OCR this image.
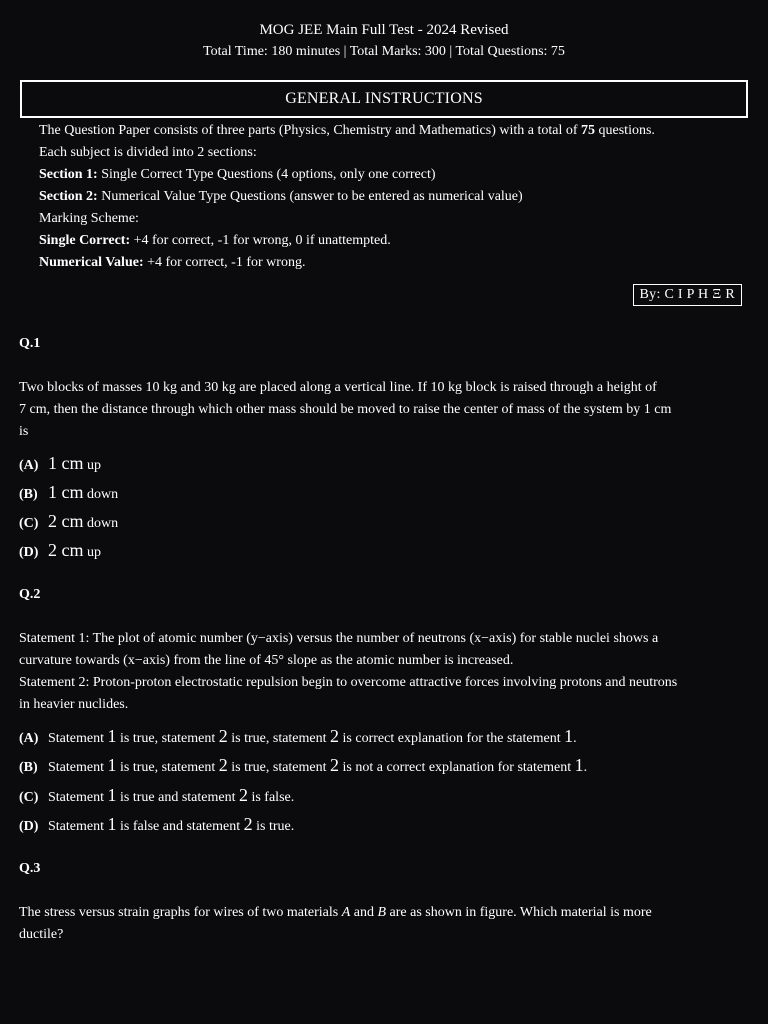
MOG JEE Main Full Test - 2024 Revised
Total Time: 180 minutes | Total Marks: 300 | Total Questions: 75
GENERAL INSTRUCTIONS
The Question Paper consists of three parts (Physics, Chemistry and Mathematics) with a total of 75 questions.
Each subject is divided into 2 sections:
Section 1: Single Correct Type Questions (4 options, only one correct)
Section 2: Numerical Value Type Questions (answer to be entered as numerical value)
Marking Scheme:
Single Correct: +4 for correct, -1 for wrong, 0 if unattempted.
Numerical Value: +4 for correct, -1 for wrong.
By: C I P H Ξ R
Q.1
Two blocks of masses 10 kg and 30 kg are placed along a vertical line. If 10 kg block is raised through a height of
7 cm, then the distance through which other mass should be moved to raise the center of mass of the system by 1 cm
is
(A) 1 cm up
(B) 1 cm down
(C) 2 cm down
(D) 2 cm up
Q.2
Statement 1: The plot of atomic number (y−axis) versus the number of neutrons (x−axis) for stable nuclei shows a
curvature towards (x−axis) from the line of 45° slope as the atomic number is increased.
Statement 2: Proton-proton electrostatic repulsion begin to overcome attractive forces involving protons and neutrons
in heavier nuclides.
(A) Statement 1 is true, statement 2 is true, statement 2 is correct explanation for the statement 1.
(B) Statement 1 is true, statement 2 is true, statement 2 is not a correct explanation for statement 1.
(C) Statement 1 is true and statement 2 is false.
(D) Statement 1 is false and statement 2 is true.
Q.3
The stress versus strain graphs for wires of two materials A and B are as shown in figure. Which material is more
ductile?
